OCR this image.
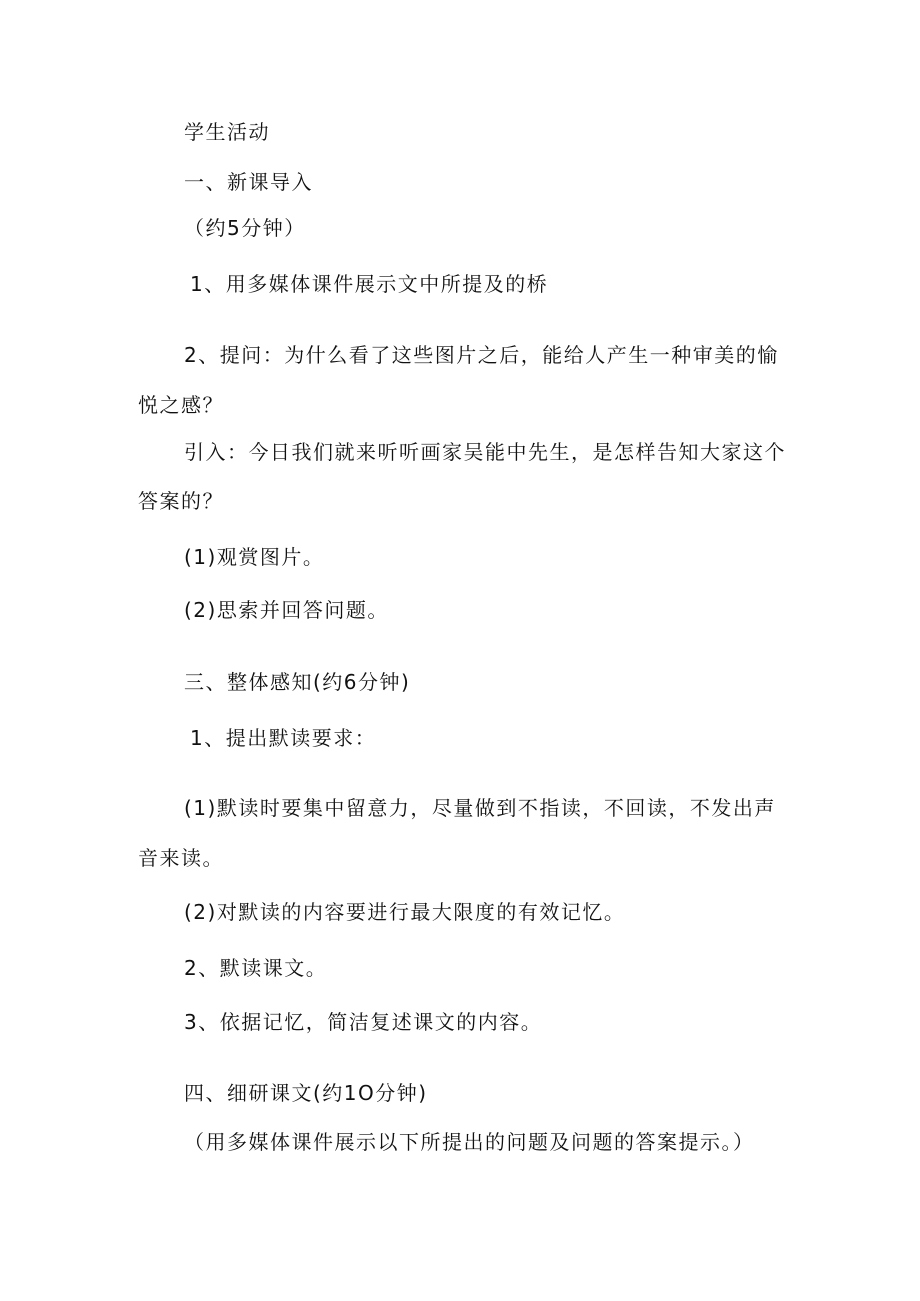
学生活动
一、新课导入
（约5分钟）
1、用多媒体课件展示文中所提及的桥
2、提问：为什么看了这些图片之后，能给人产生一种审美的愉
悦之感？
引入：今日我们就来听听画家吴能中先生，是怎样告知大家这个
答案的？
(1)观赏图片。
(2)思索并回答问题。
三、整体感知(约6分钟)
1、提出默读要求：
(1)默读时要集中留意力，尽量做到不指读，不回读，不发出声
音来读。
(2)对默读的内容要进行最大限度的有效记忆。
2、默读课文。
3、依据记忆，简洁复述课文的内容。
四、细研课文(约1O分钟)
（用多媒体课件展示以下所提出的问题及问题的答案提示。）
